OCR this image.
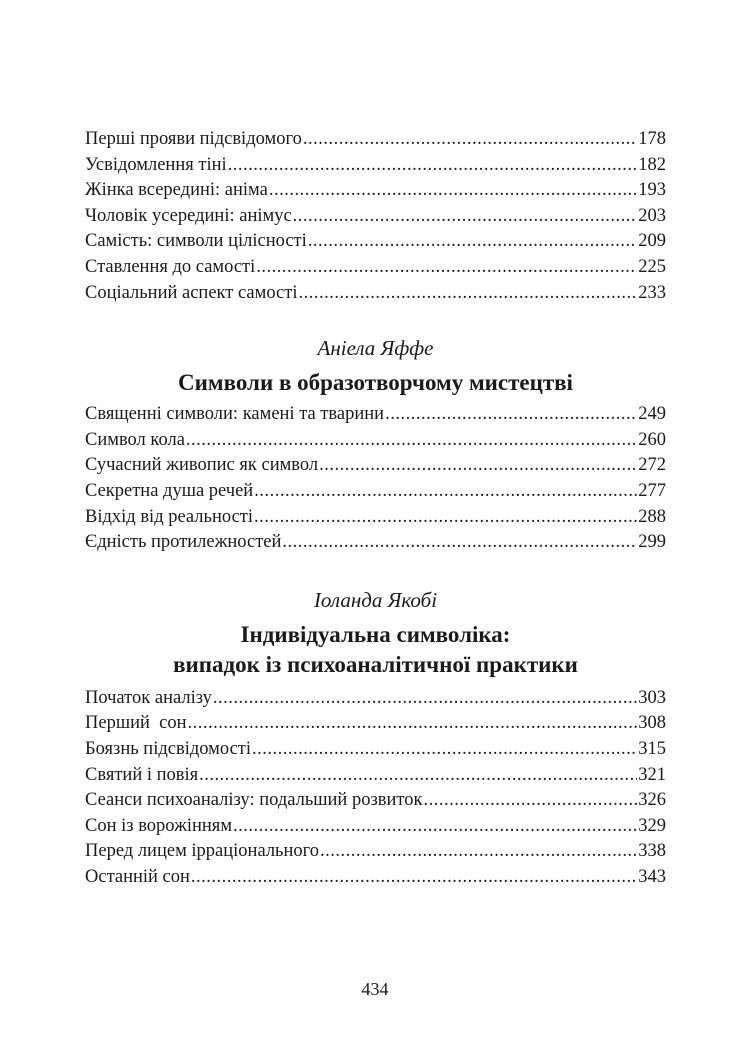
Перші прояви підсвідомого .....	178
Усвідомлення тіні .....	182
Жінка всередині: аніма .....	193
Чоловік усередині: анімус .....	203
Самість: символи цілісності .....	209
Ставлення до самості .....	225
Соціальний аспект самості .....	233

Аніела Яффе

Символи в образотворчому мистецтві
Священні символи: камені та тварини .....	249
Символ кола .....	260
Сучасний живопис як символ .....	272
Секретна душа речей .....	277
Відхід від реальності .....	288
Єдність протилежностей .....	299

Іоланда Якобі

Індивідуальна символіка:
випадок із психоаналітичної практики
Початок аналізу .....	303
Перший  сон .....	308
Боязнь підсвідомості .....	315
Святий і повія .....	321
Сеанси психоаналізу: подальший розвиток .....	326
Сон із ворожінням .....	329
Перед лицем ірраціонального .....	338
Останній сон .....	343
434
